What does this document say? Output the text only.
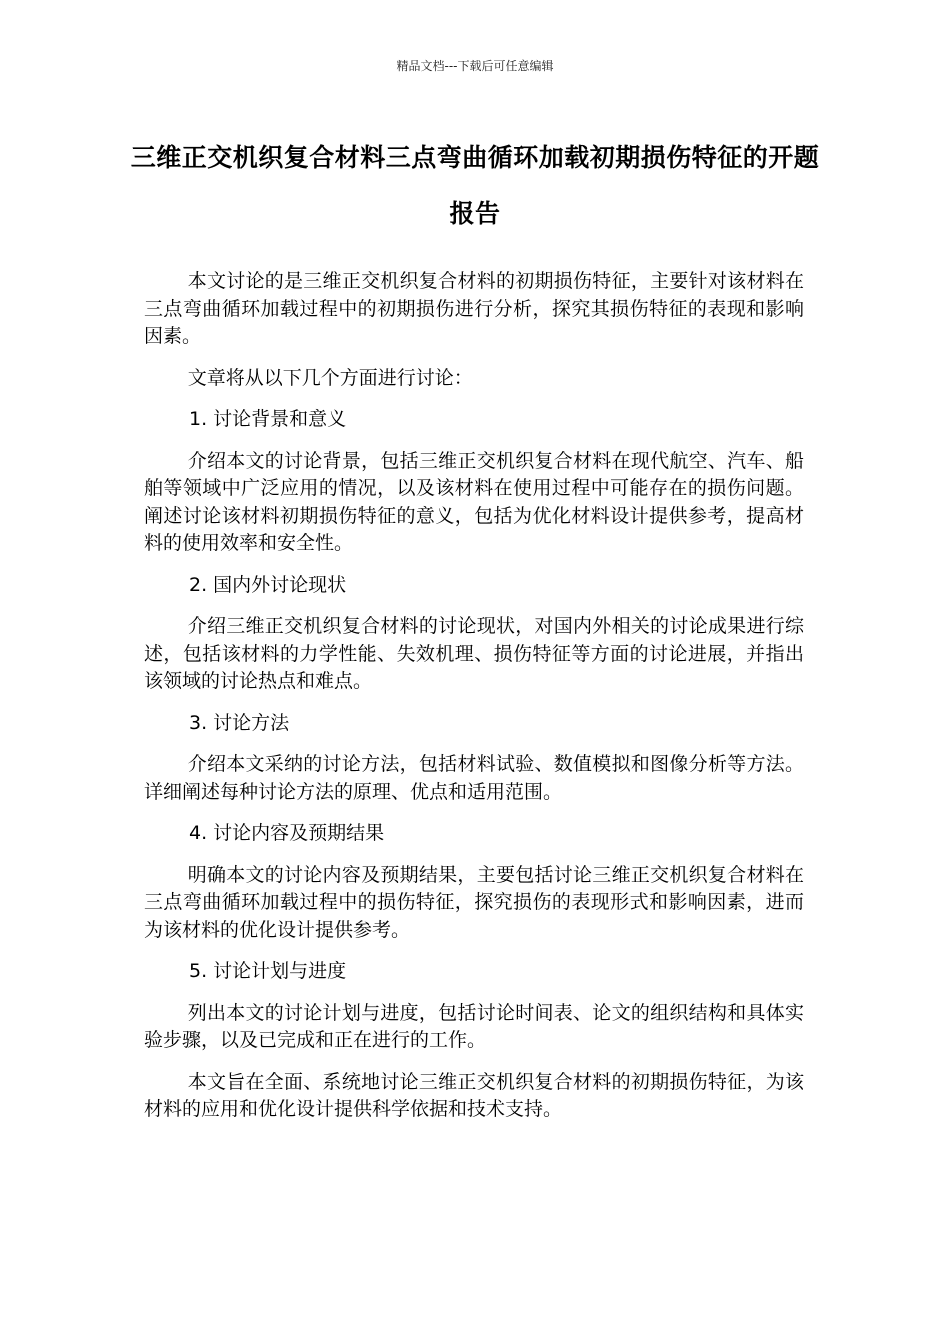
精品文档---下载后可任意编辑
三维正交机织复合材料三点弯曲循环加载初期损伤特征的开题报告

本文讨论的是三维正交机织复合材料的初期损伤特征，主要针对该材料在三点弯曲循环加载过程中的初期损伤进行分析，探究其损伤特征的表现和影响因素。

文章将从以下几个方面进行讨论：

1. 讨论背景和意义

介绍本文的讨论背景，包括三维正交机织复合材料在现代航空、汽车、船舶等领域中广泛应用的情况，以及该材料在使用过程中可能存在的损伤问题。阐述讨论该材料初期损伤特征的意义，包括为优化材料设计提供参考，提高材料的使用效率和安全性。

2. 国内外讨论现状

介绍三维正交机织复合材料的讨论现状，对国内外相关的讨论成果进行综述，包括该材料的力学性能、失效机理、损伤特征等方面的讨论进展，并指出该领域的讨论热点和难点。

3. 讨论方法

介绍本文采纳的讨论方法，包括材料试验、数值模拟和图像分析等方法。详细阐述每种讨论方法的原理、优点和适用范围。

4. 讨论内容及预期结果

明确本文的讨论内容及预期结果，主要包括讨论三维正交机织复合材料在三点弯曲循环加载过程中的损伤特征，探究损伤的表现形式和影响因素，进而为该材料的优化设计提供参考。

5. 讨论计划与进度

列出本文的讨论计划与进度，包括讨论时间表、论文的组织结构和具体实验步骤，以及已完成和正在进行的工作。

本文旨在全面、系统地讨论三维正交机织复合材料的初期损伤特征，为该材料的应用和优化设计提供科学依据和技术支持。
